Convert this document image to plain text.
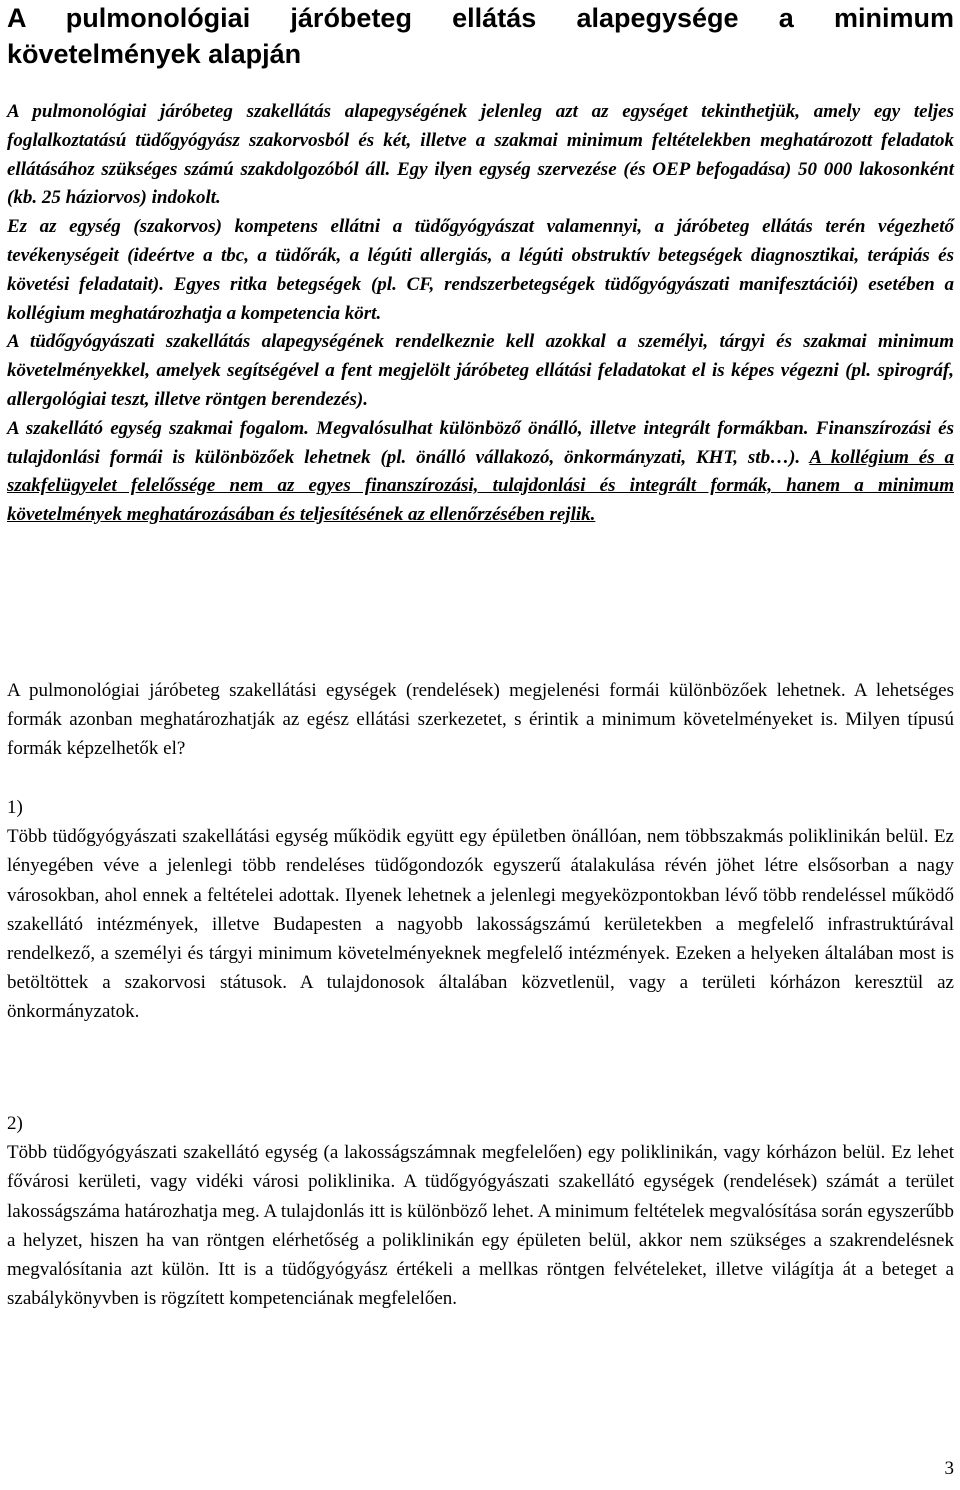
A pulmonológiai járóbeteg ellátás alapegysége a minimum követelmények alapján

A pulmonológiai járóbeteg szakellátás alapegységének jelenleg azt az egységet tekinthetjük, amely egy teljes foglalkoztatású tüdőgyógyász szakorvosból és két, illetve a szakmai minimum feltételekben meghatározott feladatok ellátásához szükséges számú szakdolgozóból áll. Egy ilyen egység szervezése (és OEP befogadása) 50 000 lakosonként (kb. 25 háziorvos) indokolt.

Ez az egység (szakorvos) kompetens ellátni a tüdőgyógyászat valamennyi, a járóbeteg ellátás terén végezhető tevékenységeit (ideértve a tbc, a tüdőrák, a légúti allergiás, a légúti obstruktív betegségek diagnosztikai, terápiás és követési feladatait). Egyes ritka betegségek (pl. CF, rendszerbetegségek tüdőgyógyászati manifesztációi) esetében a kollégium meghatározhatja a kompetencia kört.

A tüdőgyógyászati szakellátás alapegységének rendelkeznie kell azokkal a személyi, tárgyi és szakmai minimum követelményekkel, amelyek segítségével a fent megjelölt járóbeteg ellátási feladatokat el is képes végezni (pl. spirográf, allergológiai teszt, illetve röntgen berendezés).

A szakellátó egység szakmai fogalom. Megvalósulhat különböző önálló, illetve integrált formákban. Finanszírozási és tulajdonlási formái is különbözőek lehetnek (pl. önálló vállakozó, önkormányzati, KHT, stb…). A kollégium és a szakfelügyelet felelőssége nem az egyes finanszírozási, tulajdonlási és integrált formák, hanem a minimum követelmények meghatározásában és teljesítésének az ellenőrzésében rejlik.

A pulmonológiai járóbeteg szakellátási egységek (rendelések) megjelenési formái különbözőek lehetnek. A lehetséges formák azonban meghatározhatják az egész ellátási szerkezetet, s érintik a minimum követelményeket is. Milyen típusú formák képzelhetők el?

1)

Több tüdőgyógyászati szakellátási egység működik együtt egy épületben önállóan, nem többszakmás poliklinikán belül. Ez lényegében véve a jelenlegi több rendeléses tüdőgondozók egyszerű átalakulása révén jöhet létre elsősorban a nagy városokban, ahol ennek a feltételei adottak. Ilyenek lehetnek a jelenlegi megyeközpontokban lévő több rendeléssel működő szakellátó intézmények, illetve Budapesten a nagyobb lakosságszámú kerületekben a megfelelő infrastruktúrával rendelkező, a személyi és tárgyi minimum követelményeknek megfelelő intézmények. Ezeken a helyeken általában most is betöltöttek a szakorvosi státusok. A tulajdonosok általában közvetlenül, vagy a területi kórházon keresztül az önkormányzatok.

2)

Több tüdőgyógyászati szakellátó egység (a lakosságszámnak megfelelően) egy poliklinikán, vagy kórházon belül. Ez lehet fővárosi kerületi, vagy vidéki városi poliklinika. A tüdőgyógyászati szakellátó egységek (rendelések) számát a terület lakosságszáma határozhatja meg. A tulajdonlás itt is különböző lehet. A minimum feltételek megvalósítása során egyszerűbb a helyzet, hiszen ha van röntgen elérhetőség a poliklinikán egy épületen belül, akkor nem szükséges a szakrendelésnek megvalósítania azt külön. Itt is a tüdőgyógyász értékeli a mellkas röntgen felvételeket, illetve világítja át a beteget a szabálykönyvben is rögzített kompetenciának megfelelően.

3
